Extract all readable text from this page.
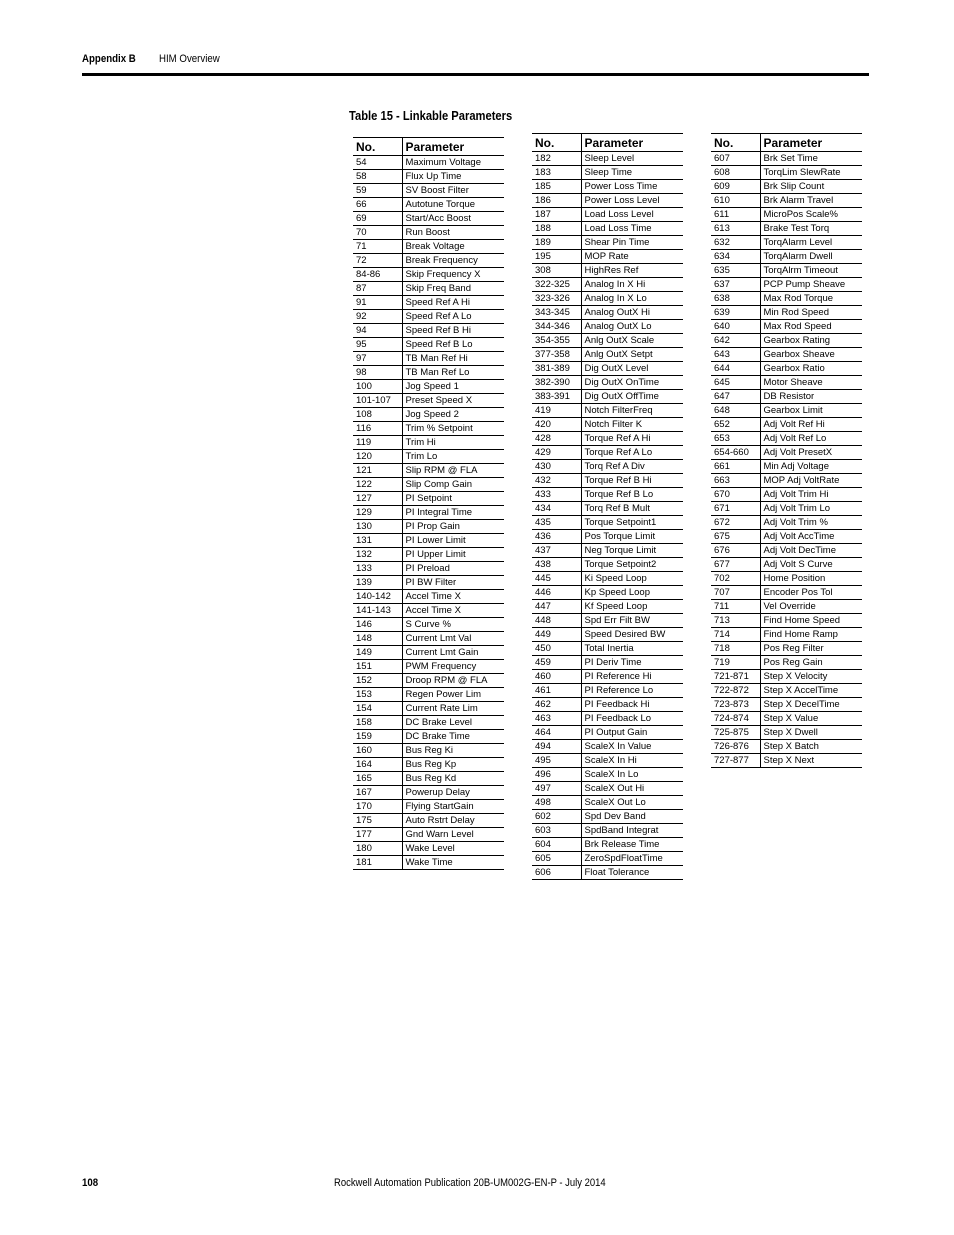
Appendix B HIM Overview
Table 15 - Linkable Parameters
No.	Parameter
54	Maximum Voltage
58	Flux Up Time
59	SV Boost Filter
66	Autotune Torque
69	Start/Acc Boost
70	Run Boost
71	Break Voltage
72	Break Frequency
84-86	Skip Frequency X
87	Skip Freq Band
91	Speed Ref A Hi
92	Speed Ref A Lo
94	Speed Ref B Hi
95	Speed Ref B Lo
97	TB Man Ref Hi
98	TB Man Ref Lo
100	Jog Speed 1
101-107	Preset Speed X
108	Jog Speed 2
116	Trim % Setpoint
119	Trim Hi
120	Trim Lo
121	Slip RPM @ FLA
122	Slip Comp Gain
127	PI Setpoint
129	PI Integral Time
130	PI Prop Gain
131	PI Lower Limit
132	PI Upper Limit
133	PI Preload
139	PI BW Filter
140-142	Accel Time X
141-143	Accel Time X
146	S Curve %
148	Current Lmt Val
149	Current Lmt Gain
151	PWM Frequency
152	Droop RPM @ FLA
153	Regen Power Lim
154	Current Rate Lim
158	DC Brake Level
159	DC Brake Time
160	Bus Reg Ki
164	Bus Reg Kp
165	Bus Reg Kd
167	Powerup Delay
170	Flying StartGain
175	Auto Rstrt Delay
177	Gnd Warn Level
180	Wake Level
181	Wake Time
No.	Parameter
182	Sleep Level
183	Sleep Time
185	Power Loss Time
186	Power Loss Level
187	Load Loss Level
188	Load Loss Time
189	Shear Pin Time
195	MOP Rate
308	HighRes Ref
322-325	Analog In X Hi
323-326	Analog In X Lo
343-345	Analog OutX Hi
344-346	Analog OutX Lo
354-355	Anlg OutX Scale
377-358	Anlg OutX Setpt
381-389	Dig OutX Level
382-390	Dig OutX OnTime
383-391	Dig OutX OffTime
419	Notch FilterFreq
420	Notch Filter K
428	Torque Ref A Hi
429	Torque Ref A Lo
430	Torq Ref A Div
432	Torque Ref B Hi
433	Torque Ref B Lo
434	Torq Ref B Mult
435	Torque Setpoint1
436	Pos Torque Limit
437	Neg Torque Limit
438	Torque Setpoint2
445	Ki Speed Loop
446	Kp Speed Loop
447	Kf Speed Loop
448	Spd Err Filt BW
449	Speed Desired BW
450	Total Inertia
459	PI Deriv Time
460	PI Reference Hi
461	PI Reference Lo
462	PI Feedback Hi
463	PI Feedback Lo
464	PI Output Gain
494	ScaleX In Value
495	ScaleX In Hi
496	ScaleX In Lo
497	ScaleX Out Hi
498	ScaleX Out Lo
602	Spd Dev Band
603	SpdBand Integrat
604	Brk Release Time
605	ZeroSpdFloatTime
606	Float Tolerance
No.	Parameter
607	Brk Set Time
608	TorqLim SlewRate
609	Brk Slip Count
610	Brk Alarm Travel
611	MicroPos Scale%
613	Brake Test Torq
632	TorqAlarm Level
634	TorqAlarm Dwell
635	TorqAlrm Timeout
637	PCP Pump Sheave
638	Max Rod Torque
639	Min Rod Speed
640	Max Rod Speed
642	Gearbox Rating
643	Gearbox Sheave
644	Gearbox Ratio
645	Motor Sheave
647	DB Resistor
648	Gearbox Limit
652	Adj Volt Ref Hi
653	Adj Volt Ref Lo
654-660	Adj Volt PresetX
661	Min Adj Voltage
663	MOP Adj VoltRate
670	Adj Volt Trim Hi
671	Adj Volt Trim Lo
672	Adj Volt Trim %
675	Adj Volt AccTime
676	Adj Volt DecTime
677	Adj Volt S Curve
702	Home Position
707	Encoder Pos Tol
711	Vel Override
713	Find Home Speed
714	Find Home Ramp
718	Pos Reg Filter
719	Pos Reg Gain
721-871	Step X Velocity
722-872	Step X AccelTime
723-873	Step X DecelTime
724-874	Step X Value
725-875	Step X Dwell
726-876	Step X Batch
727-877	Step X Next
108	Rockwell Automation Publication 20B-UM002G-EN-P - July 2014
